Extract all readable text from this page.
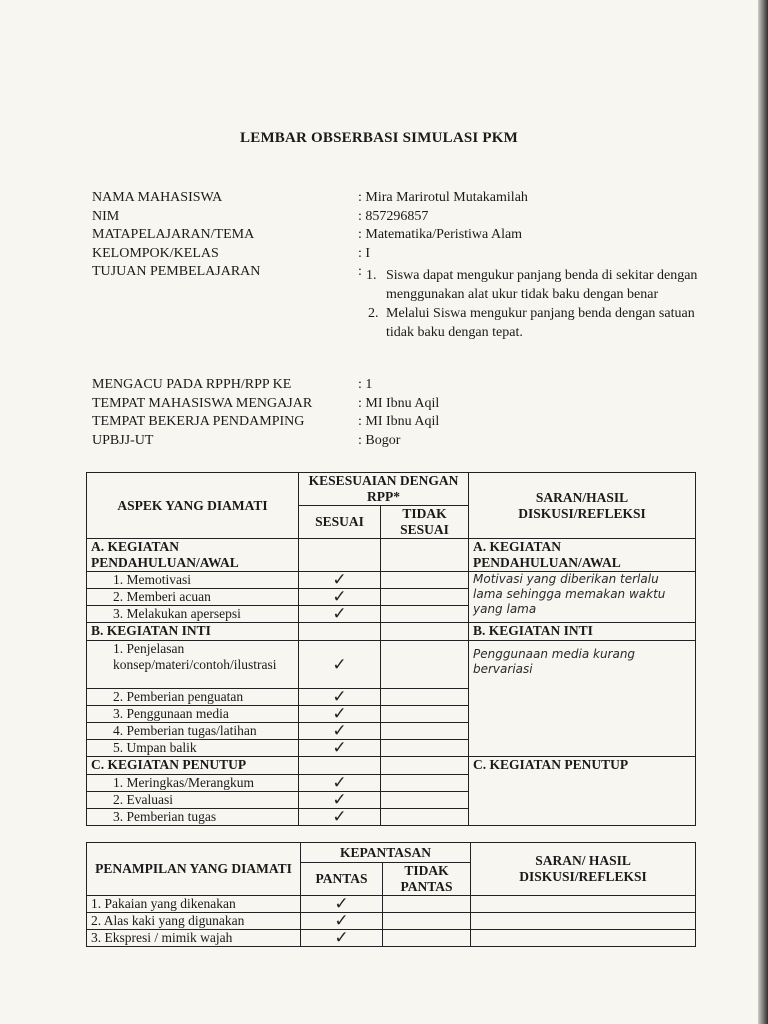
LEMBAR OBSERBASI SIMULASI PKM
NAMA MAHASISWA	: Mira Marirotul Mutakamilah
NIM	: 857296857
MATAPELAJARAN/TEMA	: Matematika/Peristiwa Alam
KELOMPOK/KELAS	: I
TUJUAN PEMBELAJARAN	: 1. Siswa dapat mengukur panjang benda di sekitar dengan menggunakan alat ukur tidak baku dengan benar
2. Melalui Siswa mengukur panjang benda dengan satuan tidak baku dengan tepat.
MENGACU PADA RPPH/RPP KE	: 1
TEMPAT MAHASISWA MENGAJAR	: MI Ibnu Aqil
TEMPAT BEKERJA PENDAMPING	: MI Ibnu Aqil
UPBJJ-UT	: Bogor
ASPEK YANG DIAMATI	KESESUAIAN DENGAN RPP*		SARAN/HASIL DISKUSI/REFLEKSI
	SESUAI	TIDAK SESUAI	
A. KEGIATAN PENDAHULUAN/AWAL			A. KEGIATAN PENDAHULUAN/AWAL
1. Memotivasi	✓		Motivasi yang diberikan terlalu lama sehingga memakan waktu yang lama
2. Memberi acuan	✓		
3. Melakukan apersepsi	✓		
B. KEGIATAN INTI			B. KEGIATAN INTI
1. Penjelasan konsep/materi/contoh/ilustrasi	✓		Penggunaan media kurang bervariasi
2. Pemberian penguatan	✓		
3. Penggunaan media	✓		
4. Pemberian tugas/latihan	✓		
5. Umpan balik	✓		
C. KEGIATAN PENUTUP			C. KEGIATAN PENUTUP
1. Meringkas/Merangkum	✓		
2. Evaluasi	✓		
3. Pemberian tugas	✓		
PENAMPILAN YANG DIAMATI	KEPANTASAN		SARAN/ HASIL DISKUSI/REFLEKSI
	PANTAS	TIDAK PANTAS	
1. Pakaian yang dikenakan	✓		
2. Alas kaki yang digunakan	✓		
3. Ekspresi / mimik wajah	✓		
